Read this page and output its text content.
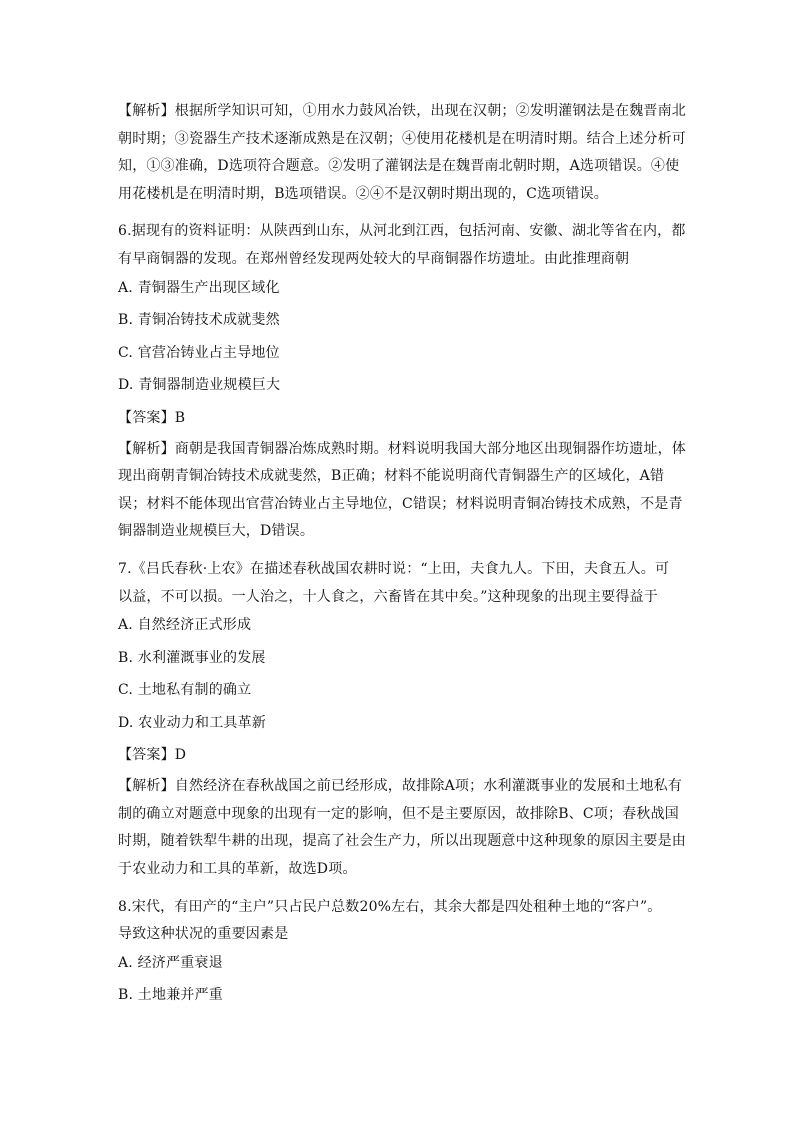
【解析】根据所学知识可知，①用水力鼓风冶铁，出现在汉朝；②发明灌钢法是在魏晋南北

朝时期；③瓷器生产技术逐渐成熟是在汉朝；④使用花楼机是在明清时期。结合上述分析可

知，①③准确，D选项符合题意。②发明了灌钢法是在魏晋南北朝时期，A选项错误。④使

用花楼机是在明清时期，B选项错误。②④不是汉朝时期出现的，C选项错误。

6.据现有的资料证明：从陕西到山东，从河北到江西，包括河南、安徽、湖北等省在内，都

有早商铜器的发现。在郑州曾经发现两处较大的早商铜器作坊遗址。由此推理商朝

A. 青铜器生产出现区域化

B. 青铜冶铸技术成就斐然

C. 官营冶铸业占主导地位

D. 青铜器制造业规模巨大

【答案】B

【解析】商朝是我国青铜器冶炼成熟时期。材料说明我国大部分地区出现铜器作坊遗址，体

现出商朝青铜冶铸技术成就斐然，B正确；材料不能说明商代青铜器生产的区域化，A错

误；材料不能体现出官营冶铸业占主导地位，C错误；材料说明青铜冶铸技术成熟，不是青

铜器制造业规模巨大，D错误。

7.《吕氏春秋·上农》在描述春秋战国农耕时说：“上田，夫食九人。下田，夫食五人。可

以益，不可以损。一人治之，十人食之，六畜皆在其中矣。”这种现象的出现主要得益于

A. 自然经济正式形成

B. 水利灌溉事业的发展

C. 土地私有制的确立

D. 农业动力和工具革新

【答案】D

【解析】自然经济在春秋战国之前已经形成，故排除A项；水利灌溉事业的发展和土地私有

制的确立对题意中现象的出现有一定的影响，但不是主要原因，故排除B、C项；春秋战国

时期，随着铁犁牛耕的出现，提高了社会生产力，所以出现题意中这种现象的原因主要是由

于农业动力和工具的革新，故选D项。

8.宋代，有田产的“主户”只占民户总数20%左右，其余大都是四处租种土地的“客户”。

导致这种状况的重要因素是

A. 经济严重衰退

B. 土地兼并严重
